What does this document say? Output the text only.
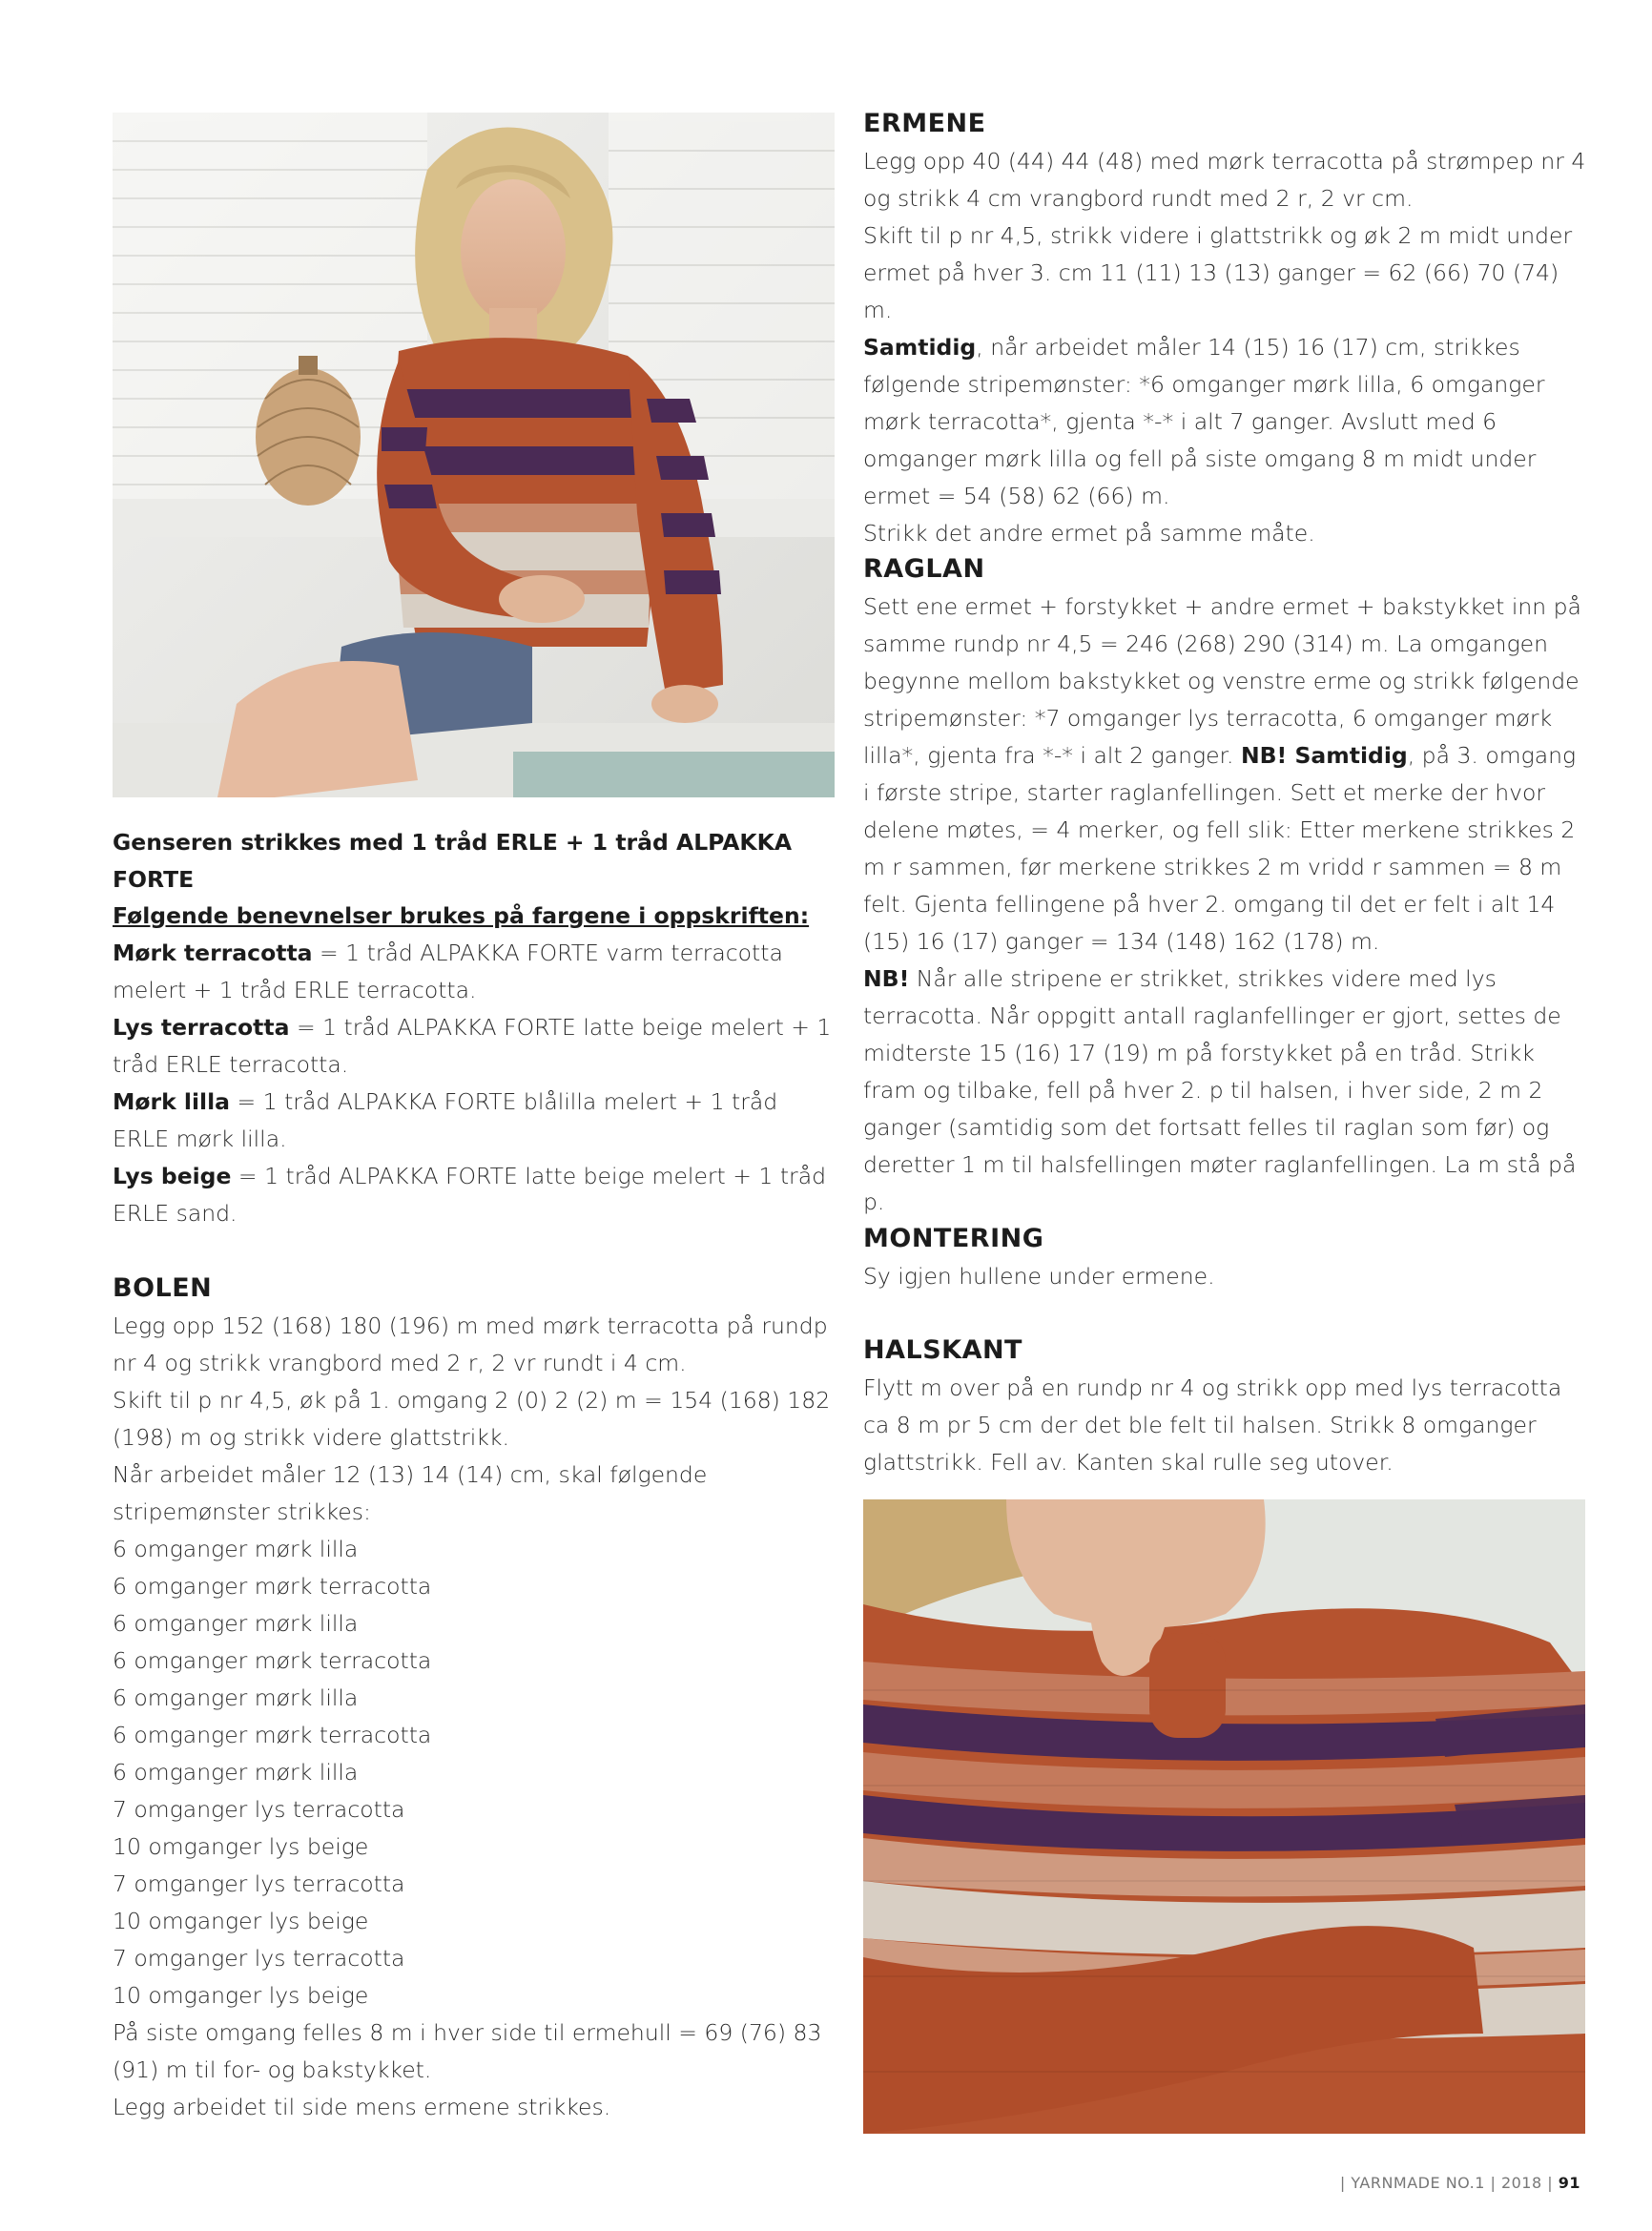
Genseren strikkes med 1 tråd ERLE + 1 tråd ALPAKKA FORTE

Følgende benevnelser brukes på fargene i oppskriften:

Mørk terracotta = 1 tråd ALPAKKA FORTE varm terracotta melert + 1 tråd ERLE terracotta.

Lys terracotta = 1 tråd ALPAKKA FORTE latte beige melert + 1 tråd ERLE terracotta.

Mørk lilla = 1 tråd ALPAKKA FORTE blålilla melert + 1 tråd ERLE mørk lilla.

Lys beige = 1 tråd ALPAKKA FORTE latte beige melert + 1 tråd ERLE sand.

BOLEN

Legg opp 152 (168) 180 (196) m med mørk terracotta på rundp nr 4 og strikk vrangbord med 2 r, 2 vr rundt i 4 cm.

Skift til p nr 4,5, øk på 1. omgang 2 (0) 2 (2) m = 154 (168) 182 (198) m og strikk videre glattstrikk.

Når arbeidet måler 12 (13) 14 (14) cm, skal følgende stripemønster strikkes:

6 omganger mørk lilla

6 omganger mørk terracotta

6 omganger mørk lilla

6 omganger mørk terracotta

6 omganger mørk lilla

6 omganger mørk terracotta

6 omganger mørk lilla

7 omganger lys terracotta

10 omganger lys beige

7 omganger lys terracotta

10 omganger lys beige

7 omganger lys terracotta

10 omganger lys beige

På siste omgang felles 8 m i hver side til ermehull = 69 (76) 83 (91) m til for- og bakstykket.

Legg arbeidet til side mens ermene strikkes.

ERMENE

Legg opp 40 (44) 44 (48) med mørk terracotta på strømpep nr 4 og strikk 4 cm vrangbord rundt med 2 r, 2 vr cm.

Skift til p nr 4,5, strikk videre i glattstrikk og øk 2 m midt under ermet på hver 3. cm 11 (11) 13 (13) ganger = 62 (66) 70 (74) m.

Samtidig, når arbeidet måler 14 (15) 16 (17) cm, strikkes følgende stripemønster: *6 omganger mørk lilla, 6 omganger mørk terracotta*, gjenta *-* i alt 7 ganger. Avslutt med 6 omganger mørk lilla og fell på siste omgang 8 m midt under ermet = 54 (58) 62 (66) m.

Strikk det andre ermet på samme måte.

RAGLAN

Sett ene ermet + forstykket + andre ermet + bakstykket inn på samme rundp nr 4,5 = 246 (268) 290 (314) m. La omgangen begynne mellom bakstykket og venstre erme og strikk følgende stripemønster: *7 omganger lys terracotta, 6 omganger mørk lilla*, gjenta fra *-* i alt 2 ganger. NB! Samtidig, på 3. omgang i første stripe, starter raglanfellingen. Sett et merke der hvor delene møtes, = 4 merker, og fell slik: Etter merkene strikkes 2 m r sammen, før merkene strikkes 2 m vridd r sammen = 8 m felt. Gjenta fellingene på hver 2. omgang til det er felt i alt 14 (15) 16 (17) ganger = 134 (148) 162 (178) m.

NB! Når alle stripene er strikket, strikkes videre med lys terracotta. Når oppgitt antall raglanfellinger er gjort, settes de midterste 15 (16) 17 (19) m på forstykket på en tråd. Strikk fram og tilbake, fell på hver 2. p til halsen, i hver side, 2 m 2 ganger (samtidig som det fortsatt felles til raglan som før) og deretter 1 m til halsfellingen møter raglanfellingen. La m stå på p.

MONTERING

Sy igjen hullene under ermene.

HALSKANT

Flytt m over på en rundp nr 4 og strikk opp med lys terracotta ca 8 m pr 5 cm der det ble felt til halsen. Strikk 8 omganger glattstrikk. Fell av. Kanten skal rulle seg utover.

| YARNMADE NO.1 | 2018 | 91
